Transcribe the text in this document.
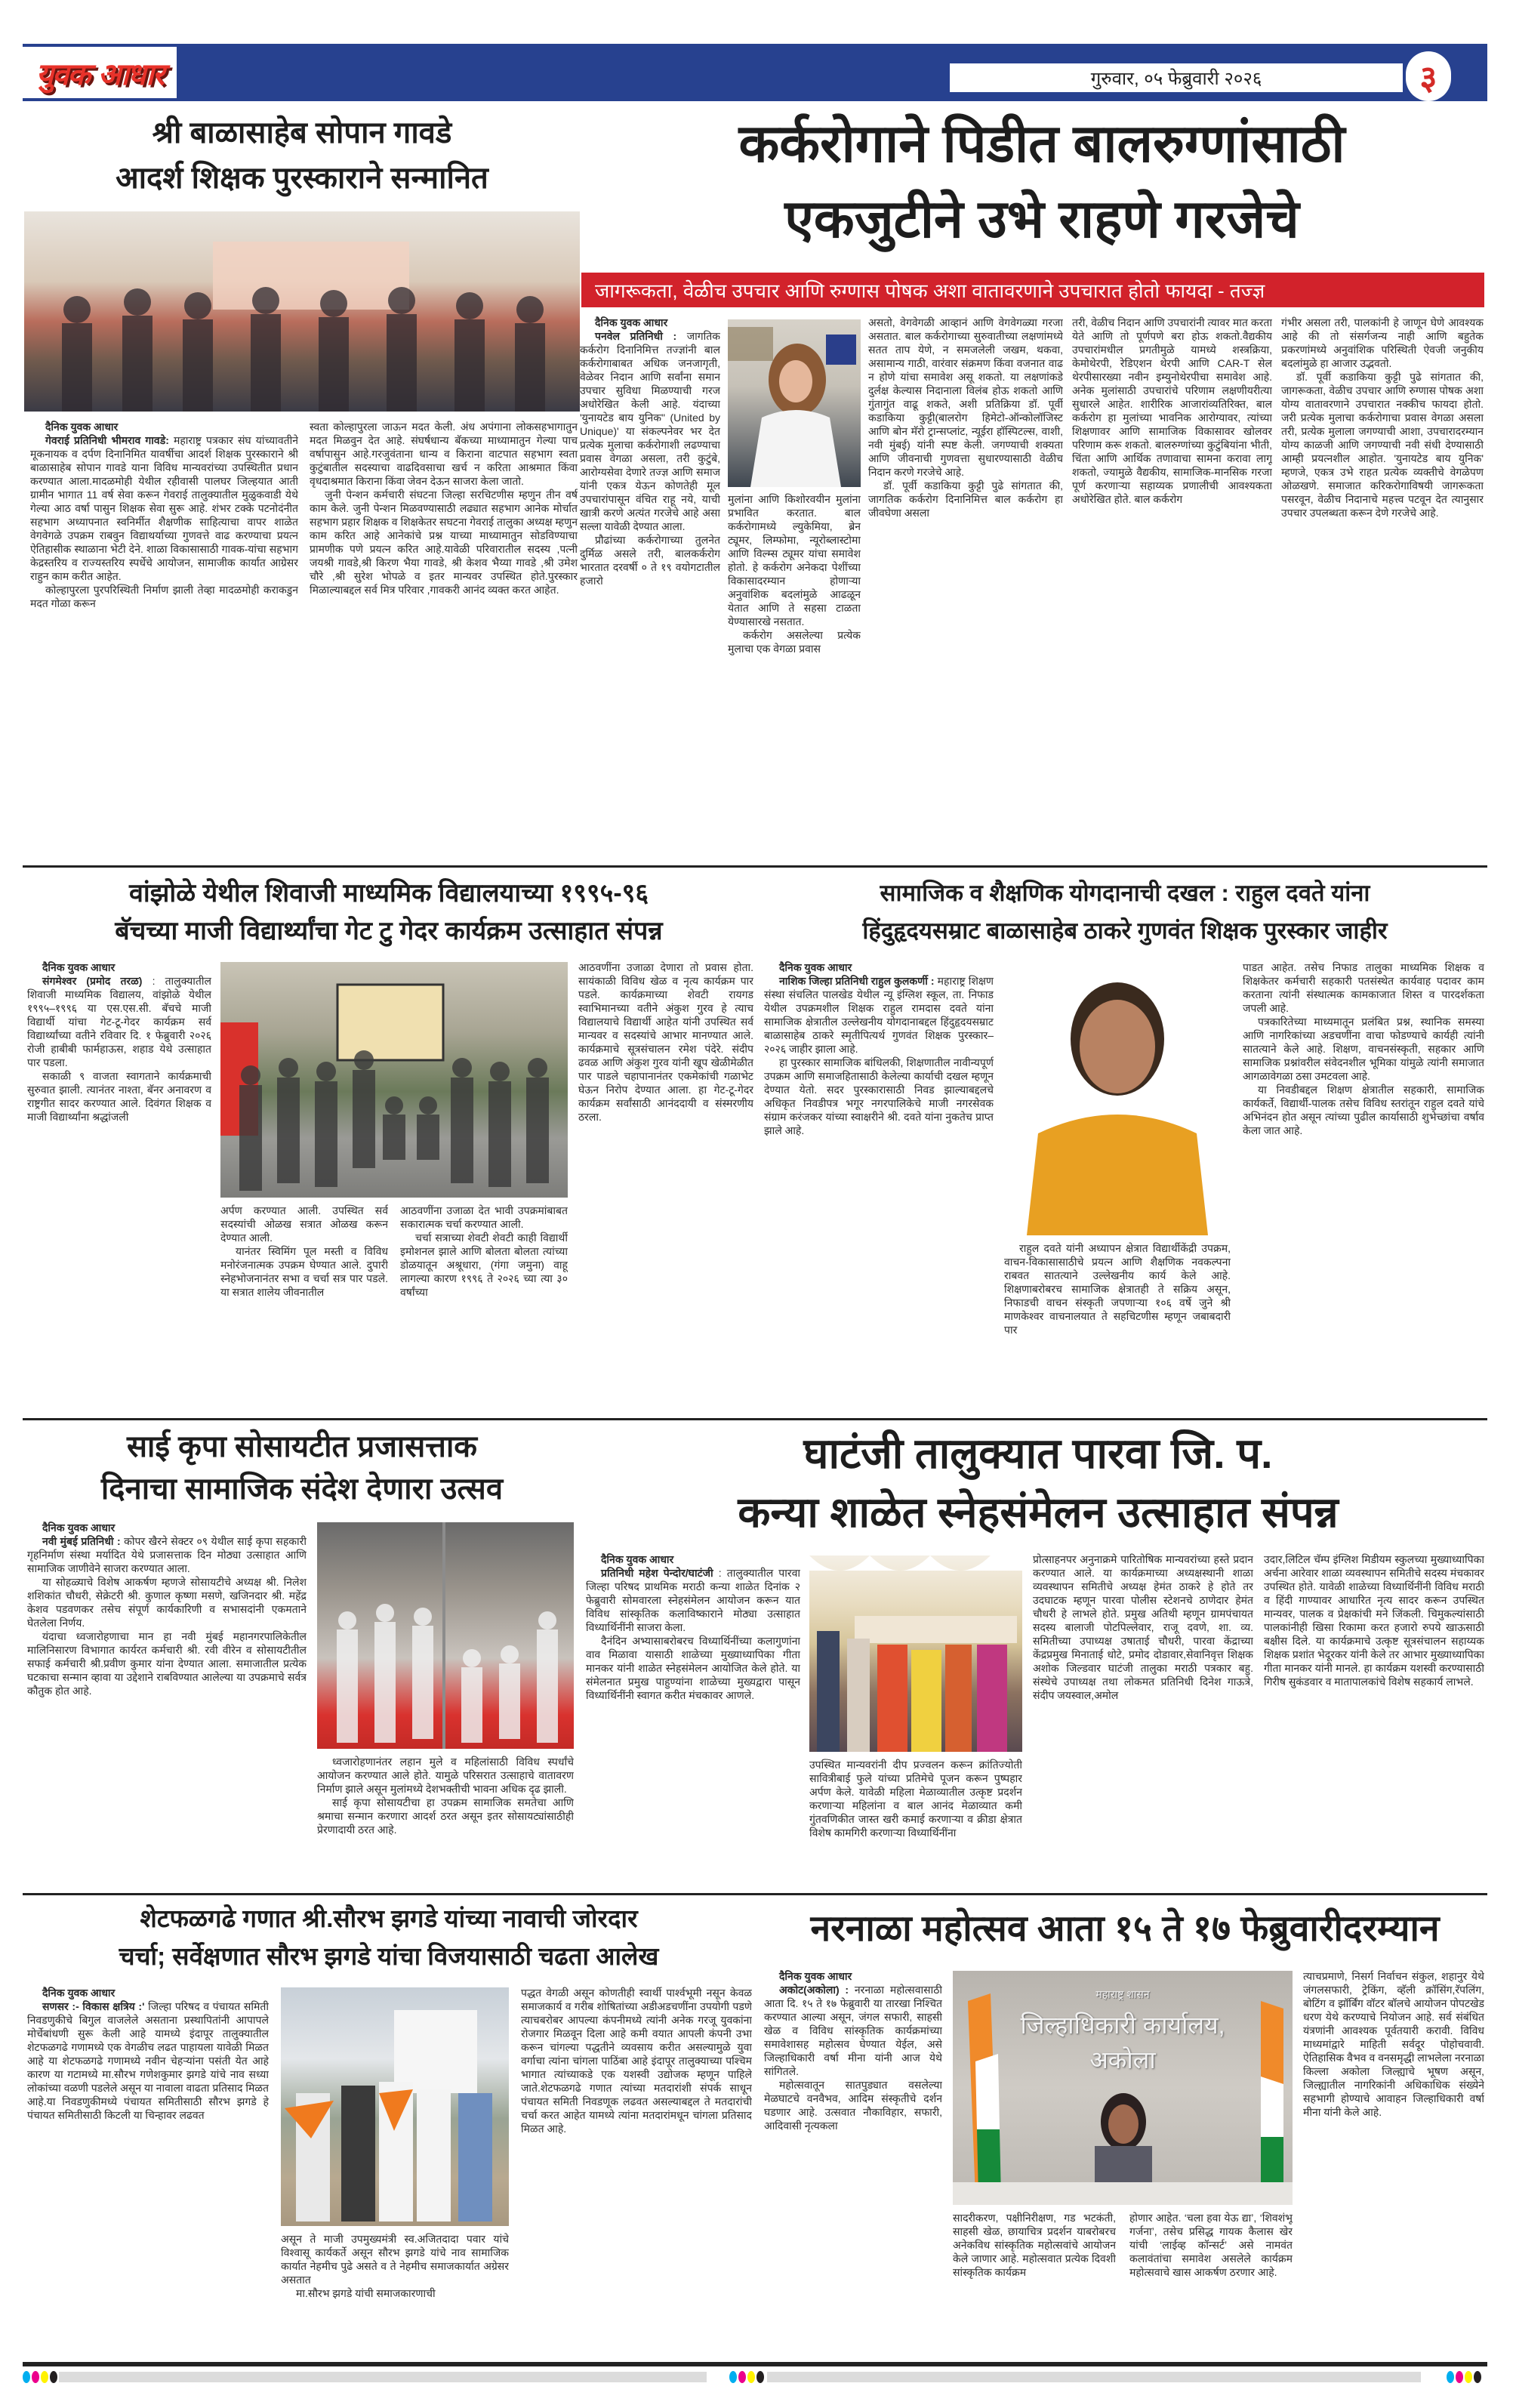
युवक आधार	गुरुवार, ०५ फेब्रुवारी २०२६	३
श्री बाळासाहेब सोपान गावडे
आदर्श शिक्षक पुरस्काराने सन्मानित
दैनिक युवक आधार
गेवराई प्रतिनिधी भीमराव गावडे: महाराष्ट्र पत्रकार संघ यांच्यावतीने मूकनायक व दर्पण दिनानिमित यावर्षीचा आदर्श शिक्षक पुरस्काराने श्री बाळासाहेब सोपान गावडे याना विविध मान्यवरांच्या उपस्थितीत प्रधान करण्यात आला.मादळमोही येथील रहीवासी पालघर जिल्हयात आती ग्रामीन भागात 11 वर्ष सेवा करून गेवराई तालुक्यातील मुळुकवाडी येथे गेल्या आठ वर्षा पासुन शिक्षक सेवा सुरू आहे. शंभर टक्के पटनोदंनीत सहभाग अध्यापनात स्वनिर्मीत शैक्षणीक साहित्याचा वापर शाळेत वेगवेगळे उपक्रम राबवुन विद्याथर्याच्या गुणवत्ते वाढ करण्याचा प्रयत्न ऐतिहासीक स्थाळाना भेटी देने. शाळा विकासासाठी गावक-यांचा सहभाग केद्रस्तरिय व राज्यस्तरिय स्पर्धेचे आयोजन, सामाजीक कार्यात आग्रेसर राहुन काम करीत आहेत.
कोल्हापुरला पुरपरिस्थिती निर्माण झाली तेव्हा मादळमोही कराकडुन मदत गोळा करून
स्वता कोल्हापुरला जाऊन मदत केली. अंध अपंगाना लोकसहभागातुन मदत मिळवुन देत आहे. संघर्षधान्य बॅकच्या माध्यामातुन गेल्या पाच वर्षापासुन आहे.गरजुवंताना धान्य व किराना वाटपात सहभाग स्वता कुटुंबातील सदस्याचा वाढदिवसाचा खर्च न करिता आश्रमात किंवा वृधदाश्रमात किराना किंवा जेवन देऊन साजरा केला जातो.
जुनी पेन्शन कर्मचारी संघटना जिल्हा सरचिटणीस म्हणुन तीन वर्ष काम केले. जुनी पेन्शन मिळवण्यासाठी लढ्यात सहभाग आनेक मोर्चात सहभाग प्रहार शिक्षक व शिक्षकेतर सघटना गेवराई तालुका अध्यक्ष म्हणुन काम करित आहे आनेकांचे प्रश्न याच्या माध्यामातुन सोडविण्याचा प्रामणीक पणे प्रयत्न करित आहे.यावेळी परिवारातील सदस्य ,पत्नी जयश्री गावडे,श्री किरण भैया गावडे, श्री केशव भैय्या गावडे ,श्री उमेश चौरे ,श्री सुरेश भोपळे व इतर मान्यवर उपस्थित होते.पुरस्कार मिळाल्याबद्दल सर्व मित्र परिवार ,गावकरी आनंद व्यक्त करत आहेत.
कर्करोगाने पिडीत बालरुग्णांसाठी
एकजुटीने उभे राहणे गरजेचे
जागरूकता, वेळीच उपचार आणि रुग्णास पोषक अशा वातावरणाने उपचारात होतो फायदा - तज्ज्ञ
दैनिक युवक आधार
पनवेल प्रतिनिधी : जागतिक कर्करोग दिनानिमित्त तज्ज्ञांनी बाल कर्करोगाबाबत अधिक जनजागृती, वेळेवर निदान आणि सर्वांना समान उपचार सुविधा मिळण्याची गरज अधोरेखित केली आहे. यंदाच्या 'युनायटेड बाय युनिक" (United by Unique)' या संकल्पनेवर भर देत प्रत्येक मुलाचा कर्करोगाशी लढण्याचा प्रवास वेगळा असला, तरी कुटुंबे, आरोग्यसेवा देणारे तज्ज्ञ आणि समाज यांनी एकत्र येऊन कोणतेही मूल उपचारांपासून वंचित राहू नये, याची खात्री करणे अत्यंत गरजेचे आहे असा सल्ला यावेळी देण्यात आला.
प्रौढांच्या कर्करोगाच्या तुलनेत दुर्मिळ असले तरी, बालकर्करोग भारतात दरवर्षी ० ते १९ वयोगटातील हजारो
मुलांना आणि किशोरवयीन मुलांना प्रभावित करतात. बाल कर्करोगामध्ये ल्युकेमिया, ब्रेन ट्यूमर, लिम्फोमा, न्यूरोब्लास्टोमा आणि विल्म्स ट्यूमर यांचा समावेश होतो. हे कर्करोग अनेकदा पेशींच्या विकासादरम्यान होणाऱ्या अनुवांशिक बदलांमुळे आढळून येतात आणि ते सहसा टाळता येण्यासारखे नसतात.
कर्करोग असलेल्या प्रत्येक मुलाचा एक वेगळा प्रवास
असतो, वेगवेगळी आव्हानं आणि वेगवेगळ्या गरजा असतात. बाल कर्करोगाच्या सुरुवातीच्या लक्षणांमध्ये सतत ताप येणे, न समजलेली जखम, थकवा, असामान्य गाठी, वारंवार संक्रमण किंवा वजनात वाढ न होणे यांचा समावेश असू शकतो. या लक्षणांकडे दुर्लक्ष केल्यास निदानाला विलंब होऊ शकतो आणि गुंतागुंत वाढू शकते, अशी प्रतिक्रिया डॉ. पूर्वी कडाकिया कुट्टी(बालरोग हिमेटो-ऑन्कोलॉजिस्ट आणि बोन मॅरो ट्रान्सप्लांट, न्यूईरा हॉस्पिटल्स, वाशी, नवी मुंबई) यांनी स्पष्ट केली. जगण्याची शक्यता आणि जीवनाची गुणवत्ता सुधारण्यासाठी वेळीच निदान करणे गरजेचे आहे.
डॉ. पूर्वी कडाकिया कुट्टी पुढे सांगतात की, जागतिक कर्करोग दिनानिमित्त बाल कर्करोग हा जीवघेणा असला
तरी, वेळीच निदान आणि उपचारांनी त्यावर मात करता येते आणि तो पूर्णपणे बरा होऊ शकतो.वैद्यकीय उपचारांमधील प्रगतीमुळे यामध्ये शस्त्रक्रिया, केमोथेरपी, रेडिएशन थेरपी आणि CAR-T सेल थेरपीसारख्या नवीन इम्युनोथेरपीचा समावेश आहे. अनेक मुलांसाठी उपचारांचे परिणाम लक्षणीयरीत्या सुधारले आहेत. शारीरिक आजारांव्यतिरिक्त, बाल कर्करोग हा मुलांच्या भावनिक आरोग्यावर, त्यांच्या शिक्षणावर आणि सामाजिक विकासावर खोलवर परिणाम करू शकतो. बालरुग्णांच्या कुटुंबियांना भीती, चिंता आणि आर्थिक तणावाचा सामना करावा लागू शकतो, ज्यामुळे वैद्यकीय, सामाजिक-मानसिक गरजा पूर्ण करणाऱ्या सहाय्यक प्रणालीची आवश्यकता अधोरेखित होते. बाल कर्करोग
गंभीर असला तरी, पालकांनी हे जाणून घेणे आवश्यक आहे की तो संसर्गजन्य नाही आणि बहुतेक प्रकरणांमध्ये अनुवांशिक परिस्थिती ऐवजी जनुकीय बदलांमुळे हा आजार उद्भवतो.
डॉ. पूर्वी कडाकिया कुट्टी पुढे सांगतात की, जागरूकता, वेळीच उपचार आणि रुग्णास पोषक अशा योग्य वातावरणाने उपचारात नक्कीच फायदा होतो. जरी प्रत्येक मुलाचा कर्करोगाचा प्रवास वेगळा असला तरी, प्रत्येक मुलाला जगण्याची आशा, उपचारादरम्यान योग्य काळजी आणि जगण्याची नवी संधी देण्यासाठी आम्ही प्रयत्नशील आहोत. 'युनायटेड बाय युनिक' म्हणजे, एकत्र उभे राहत प्रत्येक व्यक्तीचे वेगळेपण ओळखणे. समाजात करिकरोगाविषयी जागरूकता पसरवून, वेळीच निदानाचे महत्त्व पटवून देत त्यानुसार उपचार उपलब्धता करून देणे गरजेचे आहे.
वांझोळे येथील शिवाजी माध्यमिक विद्यालयाच्या १९९५-९६
बॅचच्या माजी विद्यार्थ्यांचा गेट टु गेदर कार्यक्रम उत्साहात संपन्न
दैनिक युवक आधार
संगमेश्वर (प्रमोद तरळ) : तालुक्यातील शिवाजी माध्यमिक विद्यालय, वांझोळे येथील १९९५–१९९६ या एस.एस.सी. बॅचचे माजी विद्यार्थी यांचा गेट-टू-गेदर कार्यक्रम सर्व विद्यार्थ्यांच्या वतीने रविवार दि. १ फेब्रुवारी २०२६ रोजी हाबीबी फार्महाऊस, शहाड येथे उत्साहात पार पडला.
सकाळी ९ वाजता स्वागताने कार्यक्रमाची सुरुवात झाली. त्यानंतर नाश्ता, बॅनर अनावरण व राष्ट्रगीत सादर करण्यात आले. दिवंगत शिक्षक व माजी विद्यार्थ्यांना श्रद्धांजली
अर्पण करण्यात आली. उपस्थित सर्व सदस्यांची ओळख सत्रात ओळख करून देण्यात आली.
यानंतर स्विमिंग पूल मस्ती व विविध मनोरंजनात्मक उपक्रम घेण्यात आले. दुपारी स्नेहभोजनानंतर सभा व चर्चा सत्र पार पडले. या सत्रात शालेय जीवनातील
आठवणींना उजाळा देत भावी उपक्रमांबाबत सकारात्मक चर्चा करण्यात आली.
चर्चा सत्राच्या शेवटी शेवटी काही विद्यार्थी इमोशनल झाले आणि बोलता बोलता त्यांच्या डोळयातून अश्रूधारा, (गंगा जमुना) वाहू लागल्या कारण १९९६ ते २०२६ च्या त्या ३० वर्षांच्या
आठवणींना उजाळा देणारा तो प्रवास होता. सायंकाळी विविध खेळ व नृत्य कार्यक्रम पार पडले. कार्यक्रमाच्या शेवटी रायगड स्वाभिमानच्या वतीने अंकुश गुरव हे त्याच विद्यालयाचे विद्यार्थी आहेत यांनी उपस्थित सर्व मान्यवर व सदस्यांचे आभार मानण्यात आले. कार्यक्रमाचे सूत्रसंचालन रमेश पंदेरे. संदीप ढवळ आणि अंकुश गुरव यांनी खूप खेळीमेळीत पार पाडले चहापानानंतर एकमेकांची गळाभेट घेऊन निरोप देण्यात आला. हा गेट-टू-गेदर कार्यक्रम सर्वांसाठी आनंददायी व संस्मरणीय ठरला.
सामाजिक व शैक्षणिक योगदानाची दखल : राहुल दवते यांना
हिंदुहृदयसम्राट बाळासाहेब ठाकरे गुणवंत शिक्षक पुरस्कार जाहीर
दैनिक युवक आधार
नाशिक जिल्हा प्रतिनिधी राहुल कुलकर्णी : महाराष्ट्र शिक्षण संस्था संचलित पालखेड येथील न्यू इंग्लिश स्कूल, ता. निफाड येथील उपक्रमशील शिक्षक राहुल रामदास दवते यांना सामाजिक क्षेत्रातील उल्लेखनीय योगदानाबद्दल हिंदुहृदयसम्राट बाळासाहेब ठाकरे स्मृतीपित्यर्थ गुणवंत शिक्षक पुरस्कार–२०२६ जाहीर झाला आहे.
हा पुरस्कार सामाजिक बांधिलकी, शिक्षणातील नावीन्यपूर्ण उपक्रम आणि समाजहितासाठी केलेल्या कार्याची दखल म्हणून देण्यात येतो. सदर पुरस्कारासाठी निवड झाल्याबद्दलचे अधिकृत निवडीपत्र भगूर नगरपालिकेचे माजी नगरसेवक संग्राम करंजकर यांच्या स्वाक्षरीने श्री. दवते यांना नुकतेच प्राप्त झाले आहे.
राहुल दवते यांनी अध्यापन क्षेत्रात विद्यार्थीकेंद्री उपक्रम, वाचन-विकासासाठीचे प्रयत्न आणि शैक्षणिक नवकल्पना राबवत सातत्याने उल्लेखनीय कार्य केले आहे. शिक्षणाबरोबरच सामाजिक क्षेत्रातही ते सक्रिय असून, निफाडची वाचन संस्कृती जपणाऱ्या १०६ वर्षे जुने श्री माणकेश्वर वाचनालयात ते सहचिटणीस म्हणून जबाबदारी पार
पाडत आहेत. तसेच निफाड तालुका माध्यमिक शिक्षक व शिक्षकेतर कर्मचारी सहकारी पतसंस्थेत कार्यवाह पदावर काम करताना त्यांनी संस्थात्मक कामकाजात शिस्त व पारदर्शकता जपली आहे.
पत्रकारितेच्या माध्यमातून प्रलंबित प्रश्न, स्थानिक समस्या आणि नागरिकांच्या अडचणींना वाचा फोडण्याचे कार्यही त्यांनी सातत्याने केले आहे. शिक्षण, वाचनसंस्कृती, सहकार आणि सामाजिक प्रश्नांवरील संवेदनशील भूमिका यांमुळे त्यांनी समाजात आगळावेगळा ठसा उमटवला आहे.
या निवडीबद्दल शिक्षण क्षेत्रातील सहकारी, सामाजिक कार्यकर्ते, विद्यार्थी-पालक तसेच विविध स्तरांतून राहुल दवते यांचे अभिनंदन होत असून त्यांच्या पुढील कार्यासाठी शुभेच्छांचा वर्षाव केला जात आहे.
साई कृपा सोसायटीत प्रजासत्ताक
दिनाचा सामाजिक संदेश देणारा उत्सव
दैनिक युवक आधार
नवी मुंबई प्रतिनिधी : कोपर खैरने सेक्टर ०९ येथील साई कृपा सहकारी गृहनिर्माण संस्था मर्यादित येथे प्रजासत्ताक दिन मोठ्या उत्साहात आणि सामाजिक जाणीवेने साजरा करण्यात आला.
या सोहळ्याचे विशेष आकर्षण म्हणजे सोसायटीचे अध्यक्ष श्री. निलेश शशिकांत चौधरी, सेक्रेटरी श्री. कुणाल कृष्णा मसणे, खजिनदार श्री. महेंद्र केशव पडवणकर तसेच संपूर्ण कार्यकारिणी व सभासदांनी एकमताने घेतलेला निर्णय.
यंदाचा ध्वजारोहणाचा मान हा नवी मुंबई महानगरपालिकेतील मालिनिसारण विभागात कार्यरत कर्मचारी श्री. रवी वीरेन व सोसायटीतील सफाई कर्मचारी श्री.प्रवीण कुमार यांना देण्यात आला. समाजातील प्रत्येक घटकाचा सन्मान व्हावा या उद्देशाने राबविण्यात आलेल्या या उपक्रमाचे सर्वत्र कौतुक होत आहे.
ध्वजारोहणानंतर लहान मुले व महिलांसाठी विविध स्पर्धांचे आयोजन करण्यात आले होते. यामुळे परिसरात उत्साहाचे वातावरण निर्माण झाले असून मुलांमध्ये देशभक्तीची भावना अधिक दृढ झाली.
साई कृपा सोसायटीचा हा उपक्रम सामाजिक समतेचा आणि श्रमाचा सन्मान करणारा आदर्श ठरत असून इतर सोसायट्यांसाठीही प्रेरणादायी ठरत आहे.
घाटंजी तालुक्यात पारवा जि. प.
कन्या शाळेत स्नेहसंमेलन उत्साहात संपन्न
दैनिक युवक आधार
प्रतिनिधी महेश पेन्दोर/घाटंजी : तालुक्यातील पारवा जिल्हा परिषद प्राथमिक मराठी कन्या शाळेत दिनांक २ फेब्रुवारी सोमवारला स्नेहसंमेलन आयोजन करून यात विविध सांस्कृतिक कलाविष्काराने मोठ्या उत्साहात विध्यार्थिनींनी साजरा केला.
दैनंदिन अभ्यासाबरोबरच विध्यार्थिनींच्या कलागुणांना वाव मिळावा यासाठी शाळेच्या मुख्याध्यापिका गीता मानकर यांनी शाळेत स्नेहसंमेलन आयोजित केले होते. या संमेलनात प्रमुख पाहुण्यांना शाळेच्या मुख्यद्वारा पासून विध्यार्थिनींनी स्वागत करीत मंचकावर आणले.
उपस्थित मान्यवरांनी दीप प्रज्वलन करून क्रांतिज्योती सावित्रीबाई फुले यांच्या प्रतिमेचे पूजन करून पुष्पहार अर्पण केले. यावेळी महिला मेळाव्यातील उत्कृष्ट प्रदर्शन करणाऱ्या महिलांना व बाल आनंद मेळाव्यात कमी गुंतवणिकीत जास्त खरी कमाई करणाऱ्या व क्रीडा क्षेत्रात विशेष कामगिरी करणाऱ्या विध्यार्थिनींना
प्रोत्साहनपर अनुनाक्रमे पारितोषिक मान्यवरांच्या हस्ते प्रदान करण्यात आले. या कार्यक्रमाच्या अध्यक्षस्थानी शाळा व्यवस्थापन समितीचे अध्यक्ष हेमंत ठाकरे हे होते तर उदघाटक म्हणून पारवा पोलीस स्टेशनचे ठाणेदार हेमंत चौधरी हे लाभले होते. प्रमुख अतिथी म्हणून ग्रामपंचायत सदस्य बालाजी पोटपिल्लेवार, राजू दवणे, शा. व्य. समितीच्या उपाध्यक्ष उषाताई चौधरी, पारवा केंद्राच्या केंद्रप्रमुख मिनाताई धोटे, प्रमोद दोडावार,सेवानिवृत्त शिक्षक अशोक जिल्डवार घाटंजी तालुका मराठी पत्रकार बहु. संस्थेचे उपाध्यक्ष तथा लोकमत प्रतिनिधी दिनेश गाऊत्रे, संदीप जयस्वाल,अमोल
उदार,लिटिल चॅम्प इंग्लिश मिडीयम स्कुलच्या मुख्याध्यापिका अर्चना आरेवार शाळा व्यवस्थापन समितीचे सदस्य मंचकावर उपस्थित होते. यावेळी शाळेच्या विध्यार्थिनींनी विविध मराठी व हिंदी गाण्यावर आधारित नृत्य सादर करून उपस्थित मान्यवर, पालक व प्रेक्षकांची मने जिंकली. चिमुकल्यांसाठी पालकांनीही खिसा रिकामा करत हजारो रुपये खाऊसाठी बक्षीस दिले. या कार्यक्रमाचे उत्कृष्ट सूत्रसंचालन सहाय्यक शिक्षक प्रशांत भेदूरकर यांनी केले तर आभार मुख्याध्यापिका गीता मानकर यांनी मानले. हा कार्यक्रम यशस्वी करण्यासाठी गिरीष सुकंडवार व मातापालकांचे विशेष सहकार्य लाभले.
शेटफळगढे गणात श्री.सौरभ झगडे यांच्या नावाची जोरदार
चर्चा; सर्वेक्षणात सौरभ झगडे यांचा विजयासाठी चढता आलेख
दैनिक युवक आधार
सणसर :- विकास क्षत्रिय :' जिल्हा परिषद व पंचायत समिती निवडणुकीचे बिगुल वाजलेले असताना प्रस्थापितांनी आपापले मोर्चेबांधणी सुरू केली आहे यामध्ये इंदापूर तालुक्यातील शेटफळगढे गणामध्ये एक वेगळीच लढत पाहायला यावेळी मिळत आहे या शेटफळगढे गणामध्ये नवीन चेहऱ्यांना पसंती येत आहे कारण या गटामध्ये मा.सौरभ गणेशकुमार झगडे यांचे नाव सध्या लोकांच्या वळणी पडलेले असून या नावाला वाढता प्रतिसाद मिळत आहे.या निवडणुकीमध्ये पंचायत समितीसाठी सौरभ झगडे हे पंचायत समितीसाठी किटली या चिन्हावर लढवत
असून ते माजी उपमुख्यमंत्री स्व.अजितदादा पवार यांचे विश्वासू कार्यकर्ते असून सौरभ झगडे यांचे नाव सामाजिक कार्यात नेहमीच पुढे असते व ते नेहमीच समाजकार्यात अग्रेसर असतात
मा.सौरभ झगडे यांची समाजकारणाची
पद्धत वेगळी असून कोणतीही स्वार्थी पार्श्वभूमी नसून केवळ समाजकार्य व गरीब शोषितांच्या अडीअडचणींना उपयोगी पडणे त्याचबरोबर आपल्या कंपनीमध्ये त्यांनी अनेक गरजू युवकांना रोजगार मिळवून दिला आहे कमी वयात आपली कंपनी उभा करून चांगल्या पद्धतीने व्यवसाय करीत असल्यामुळे युवा वर्गाचा त्यांना चांगला पाठिंबा आहे इंदापूर तालुक्याच्या पश्चिम भागात त्यांच्याकडे एक यशस्वी उद्योजक म्हणून पाहिले जाते.शेटफळगढे गणात त्यांच्या मतदारांशी संपर्क साधून पंचायत समिती निवडणूक लढवत असल्याबद्दल ते मतदारांची चर्चा करत आहेत यामध्ये त्यांना मतदारांमधून चांगला प्रतिसाद मिळत आहे.
नरनाळा महोत्सव आता १५ ते १७ फेब्रुवारीदरम्यान
दैनिक युवक आधार
अकोट(अकोला) : नरनाळा महोत्सवासाठी आता दि. १५ ते १७ फेब्रुवारी या तारखा निश्चित करण्यात आल्या असून, जंगल सफारी, साहसी खेळ व विविध सांस्कृतिक कार्यक्रमांच्या समावेशासह महोत्सव घेण्यात येईल, असे जिल्हाधिकारी वर्षा मीना यांनी आज येथे सांगितले.
महोत्सवातून सातपुड्यात वसलेल्या मेळघाटचे वनवैभव, आदिम संस्कृतीचे दर्शन घडणार आहे. उत्सवात नौकाविहार, सफारी, आदिवासी नृत्यकला
महाराष्ट्र शासन
जिल्हाधिकारी कार्यालय,
अकोला
सादरीकरण, पक्षीनिरीक्षण, गड भटकंती, साहसी खेळ, छायाचित्र प्रदर्शन याबरोबरच अनेकविध सांस्कृतिक महोत्सवांचे आयोजन केले जाणार आहे. महोत्सवात प्रत्येक दिवशी सांस्कृतिक कार्यक्रम
होणार आहेत. ‘चला हवा येऊ द्या’, ‘शिवशंभू गर्जना’, तसेच प्रसिद्ध गायक कैलास खेर यांची ‘लाईव्ह कॉन्सर्ट’ असे नामवंत कलावंतांचा समावेश असलेले कार्यक्रम महोत्सवाचे खास आकर्षण ठरणार आहे.
त्याचप्रमाणे, निसर्ग निर्वाचन संकुल, शहानुर येथे जंगलसफारी, ट्रेकिंग, व्हॅली क्रॉसिंग,रॅपलिंग, बोटिंग व झॉर्बिंग वॉटर बॉलचे आयोजन पोपटखेड धरण येथे करण्याचे नियोजन आहे. सर्व संबंधित यंत्रणांनी आवश्यक पूर्वतयारी करावी. विविध माध्यमांद्वारे माहिती सर्वदूर पोहोचवावी. ऐतिहासिक वैभव व वनसमृद्धी लाभलेला नरनाळा किल्ला अकोला जिल्ह्याचे भूषण असून, जिल्ह्यातील नागरिकांनी अधिकाधिक संख्येने सहभागी होण्याचे आवाहन जिल्हाधिकारी वर्षा मीना यांनी केले आहे.
